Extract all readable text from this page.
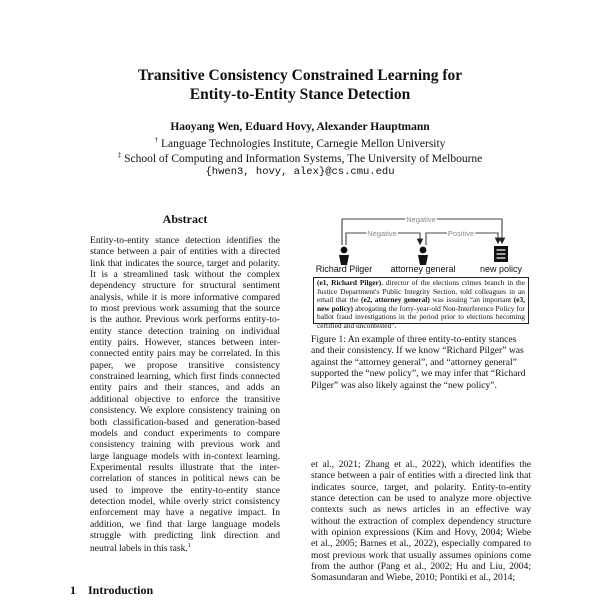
Transitive Consistency Constrained Learning for
Entity-to-Entity Stance Detection
Haoyang Wen, Eduard Hovy, Alexander Hauptmann
† Language Technologies Institute, Carnegie Mellon University
‡ School of Computing and Information Systems, The University of Melbourne
{hwen3, hovy, alex}@cs.cmu.edu
Abstract
Entity-to-entity stance detection identifies the stance between a pair of entities with a directed link that indicates the source, target and polarity. It is a streamlined task without the complex dependency structure for structural sentiment analysis, while it is more informative compared to most previous work assuming that the source is the author. Previous work performs entity-to-entity stance detection training on individual entity pairs. However, stances between inter-connected entity pairs may be correlated. In this paper, we propose transitive consistency constrained learning, which first finds connected entity pairs and their stances, and adds an additional objective to enforce the transitive consistency. We explore consistency training on both classification-based and generation-based models and conduct experiments to compare consistency training with previous work and large language models with in-context learning. Experimental results illustrate that the inter-correlation of stances in political news can be used to improve the entity-to-entity stance detection model, while overly strict consistency enforcement may have a negative impact. In addition, we find that large language models struggle with predicting link direction and neutral labels in this task.$^1$
1 Introduction
Negative
Negative	Positive
Richard Pilger attorney general	new policy
(e1, Richard Pilger), director of the elections crimes branch in the Justice Department's Public Integrity Section, told colleagues in an email that the (e2, attorney general) was issuing “an important (e3, new policy) abrogating the forty-year-old Non-Interference Policy for ballot fraud investigations in the period prior to elections becoming certified and uncontested”.
Figure 1: An example of three entity-to-entity stances and their consistency. If we know “Richard Pilger” was against the “attorney general”, and “attorney general” supported the “new policy”, we may infer that “Richard Pilger” was also likely against the “new policy”.
et al., 2021; Zhang et al., 2022), which identifies the stance between a pair of entities with a directed link that indicates source, target, and polarity. Entity-to-entity stance detection can be used to analyze more objective contexts such as news articles in an effective way without the extraction of complex dependency structure with opinion expressions (Kim and Hovy, 2004; Wiebe et al., 2005; Barnes et al., 2022), especially compared to most previous work that usually assumes opinions come from the author (Pang et al., 2002; Hu and Liu, 2004; Somasundaran and Wiebe, 2010; Pontiki et al., 2014;
